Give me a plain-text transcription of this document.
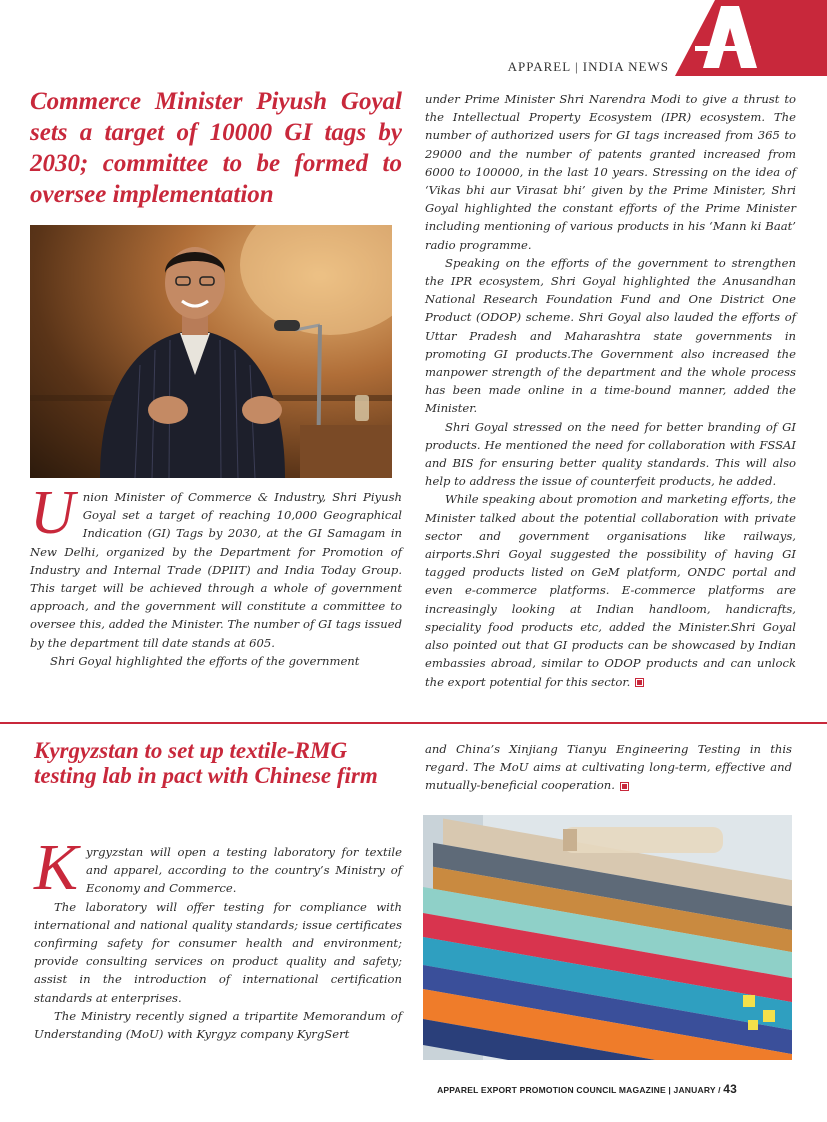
APPAREL | INDIA NEWS
Commerce Minister Piyush Goyal sets a target of 10000 GI tags by 2030; committee to be formed to oversee implementation

Union Minister of Commerce & Industry, Shri Piyush Goyal set a target of reaching 10,000 Geographical Indication (GI) Tags by 2030, at the GI Samagam in New Delhi, organized by the Department for Promotion of Industry and Internal Trade (DPIIT) and India Today Group. This target will be achieved through a whole of government approach, and the government will constitute a committee to oversee this, added the Minister. The number of GI tags issued by the department till date stands at 605.

Shri Goyal highlighted the efforts of the government

under Prime Minister Shri Narendra Modi to give a thrust to the Intellectual Property Ecosystem (IPR) ecosystem. The number of authorized users for GI tags increased from 365 to 29000 and the number of patents granted increased from 6000 to 100000, in the last 10 years. Stressing on the idea of ‘Vikas bhi aur Virasat bhi’ given by the Prime Minister, Shri Goyal highlighted the constant efforts of the Prime Minister including mentioning of various products in his ‘Mann ki Baat’ radio programme.

Speaking on the efforts of the government to strengthen the IPR ecosystem, Shri Goyal highlighted the Anusandhan National Research Foundation Fund and One District One Product (ODOP) scheme. Shri Goyal also lauded the efforts of Uttar Pradesh and Maharashtra state governments in promoting GI products.The Government also increased the manpower strength of the department and the whole process has been made online in a time-bound manner, added the Minister.

Shri Goyal stressed on the need for better branding of GI products. He mentioned the need for collaboration with FSSAI and BIS for ensuring better quality standards. This will also help to address the issue of counterfeit products, he added.

While speaking about promotion and marketing efforts, the Minister talked about the potential collaboration with private sector and government organisations like railways, airports.Shri Goyal suggested the possibility of having GI tagged products listed on GeM platform, ONDC portal and even e-commerce platforms. E-commerce platforms are increasingly looking at Indian handloom, handicrafts, speciality food products etc, added the Minister.Shri Goyal also pointed out that GI products can be showcased by Indian embassies abroad, similar to ODOP products and can unlock the export potential for this sector.

Kyrgyzstan to set up textile-RMG testing lab in pact with Chinese firm

Kyrgyzstan will open a testing laboratory for textile and apparel, according to the country’s Ministry of Economy and Commerce.

The laboratory will offer testing for compliance with international and national quality standards; issue certificates confirming safety for consumer health and environment; provide consulting services on product quality and safety; assist in the introduction of international certification standards at enterprises.

The Ministry recently signed a tripartite Memorandum of Understanding (MoU) with Kyrgyz company KyrgSert

and China’s Xinjiang Tianyu Engineering Testing in this regard. The MoU aims at cultivating long-term, effective and mutually-beneficial cooperation.

APPAREL EXPORT PROMOTION COUNCIL MAGAZINE | JANUARY / 43
